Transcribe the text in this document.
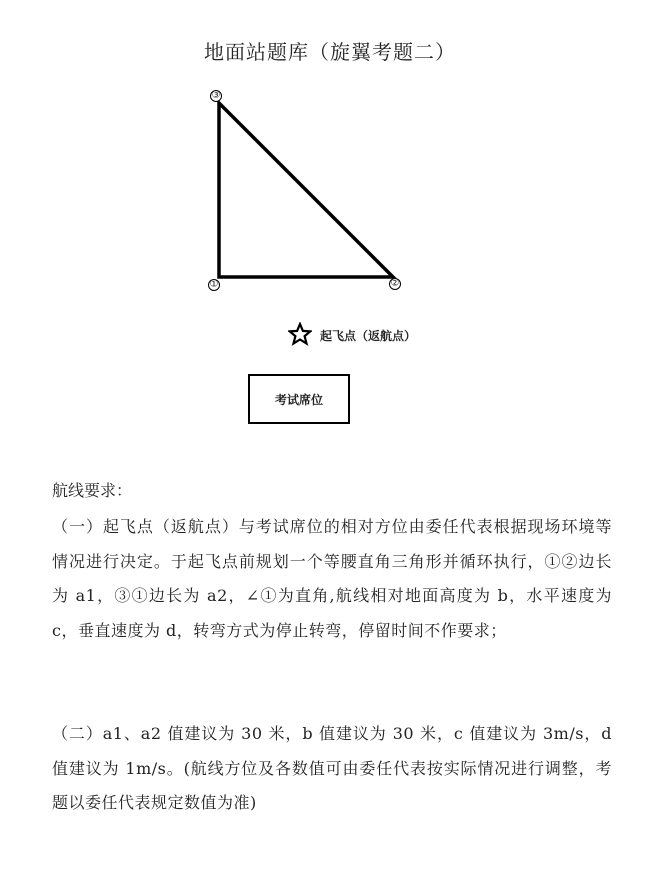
地面站题库（旋翼考题二）
③
①	②
起飞点（返航点）
考试席位
航线要求：
（一）起飞点（返航点）与考试席位的相对方位由委任代表根据现场环境等情况进行决定。于起飞点前规划一个等腰直角三角形并循环执行，①②边长为 a1，③①边长为 a2，∠①为直角,航线相对地面高度为 b，水平速度为 c，垂直速度为 d，转弯方式为停止转弯，停留时间不作要求；
（二）a1、a2 值建议为 30 米，b 值建议为 30 米，c 值建议为 3m/s，d 值建议为 1m/s。(航线方位及各数值可由委任代表按实际情况进行调整，考题以委任代表规定数值为准)
